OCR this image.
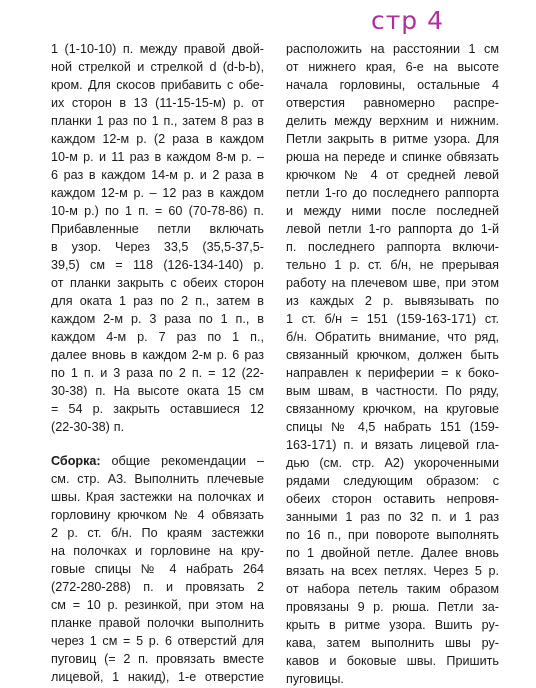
стр 4
1 (1-10-10) п. между правой двой-
ной стрелкой и стрелкой d (d-b-b),
кром. Для скосов прибавить с обе-
их сторон в 13 (11-15-15-м) р. от
планки 1 раз по 1 п., затем 8 раз в
каждом 12-м р. (2 раза в каждом
10-м р. и 11 раз в каждом 8-м р. –
6 раз в каждом 14-м р. и 2 раза в
каждом 12-м р. – 12 раз в каждом
10-м р.) по 1 п. = 60 (70-78-86) п.
Прибавленные петли включать
в узор. Через 33,5 (35,5-37,5-
39,5) см = 118 (126-134-140) р.
от планки закрыть с обеих сторон
для оката 1 раз по 2 п., затем в
каждом 2-м р. 3 раза по 1 п., в
каждом 4-м р. 7 раз по 1 п.,
далее вновь в каждом 2-м р. 6 раз
по 1 п. и 3 раза по 2 п. = 12 (22-
30-38) п. На высоте оката 15 см
= 54 р. закрыть оставшиеся 12
(22-30-38) п.
Сборка: общие рекомендации –
см. стр. А3. Выполнить плечевые
швы. Края застежки на полочках и
горловину крючком № 4 обвязать
2 р. ст. б/н. По краям застежки
на полочках и горловине на кру-
говые спицы № 4 набрать 264
(272-280-288) п. и провязать 2
см = 10 р. резинкой, при этом на
планке правой полочки выполнить
через 1 см = 5 р. 6 отверстий для
пуговиц (= 2 п. провязать вместе
лицевой, 1 накид), 1-е отверстие
расположить на расстоянии 1 см
от нижнего края, 6-е на высоте
начала горловины, остальные 4
отверстия равномерно распре-
делить между верхним и нижним.
Петли закрыть в ритме узора. Для
рюша на переде и спинке обвязать
крючком № 4 от средней левой
петли 1-го до последнего раппорта
и между ними после последней
левой петли 1-го раппорта до 1-й
п. последнего раппорта включи-
тельно 1 р. ст. б/н, не прерывая
работу на плечевом шве, при этом
из каждых 2 р. вывязывать по
1 ст. б/н = 151 (159-163-171) ст.
б/н. Обратить внимание, что ряд,
связанный крючком, должен быть
направлен к периферии = к боко-
вым швам, в частности. По ряду,
связанному крючком, на круговые
спицы № 4,5 набрать 151 (159-
163-171) п. и вязать лицевой гла-
дью (см. стр. А2) укороченными
рядами следующим образом: с
обеих сторон оставить непровя-
занными 1 раз по 32 п. и 1 раз
по 16 п., при повороте выполнять
по 1 двойной петле. Далее вновь
вязать на всех петлях. Через 5 р.
от набора петель таким образом
провязаны 9 р. рюша. Петли за-
крыть в ритме узора. Вшить ру-
кава, затем выполнить швы ру-
кавов и боковые швы. Пришить
пуговицы.
